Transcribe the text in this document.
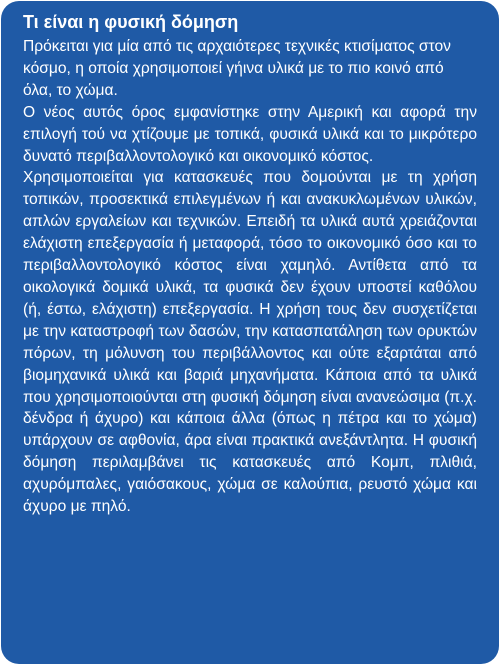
Τι είναι η φυσική δόμηση

Πρόκειται για μία από τις αρχαιότερες τεχνικές κτισίματος στον κόσμο, η οποία χρησιμοποιεί γήινα υλικά με το πιο κοινό από όλα, το χώμα.

Ο νέος αυτός όρος εμφανίστηκε στην Αμερική και αφορά την επιλογή τού να χτίζουμε με τοπικά, φυσικά υλικά και το μικρότερο δυνατό περιβαλλοντολογικό και οικονομικό κόστος.

Χρησιμοποιείται για κατασκευές που δομούνται με τη χρήση τοπικών, προσεκτικά επιλεγμένων ή και ανακυκλωμένων υλικών, απλών εργαλείων και τεχνικών. Επειδή τα υλικά αυτά χρειάζονται ελάχιστη επεξεργασία ή μεταφορά, τόσο το οικονομικό όσο και το περιβαλλοντολογικό κόστος είναι χαμηλό. Αντίθετα από τα οικολογικά δομικά υλικά, τα φυσικά δεν έχουν υποστεί καθόλου (ή, έστω, ελάχιστη) επεξεργασία. Η χρήση τους δεν συσχετίζεται με την καταστροφή των δασών, την κατασπατάληση των ορυκτών πόρων, τη μόλυνση του περιβάλλοντος και ούτε εξαρτάται από βιομηχανικά υλικά και βαριά μηχανήματα. Κάποια από τα υλικά που χρησιμοποιούνται στη φυσική δόμηση είναι ανανεώσιμα (π.χ. δένδρα ή άχυρο) και κάποια άλλα (όπως η πέτρα και το χώμα) υπάρχουν σε αφθονία, άρα είναι πρακτικά ανεξάντλητα. Η φυσική δόμηση περιλαμβάνει τις κατασκευές από Κομπ, πλιθιά, αχυρόμπαλες, γαιόσακους, χώμα σε καλούπια, ρευστό χώμα και άχυρο με πηλό.
